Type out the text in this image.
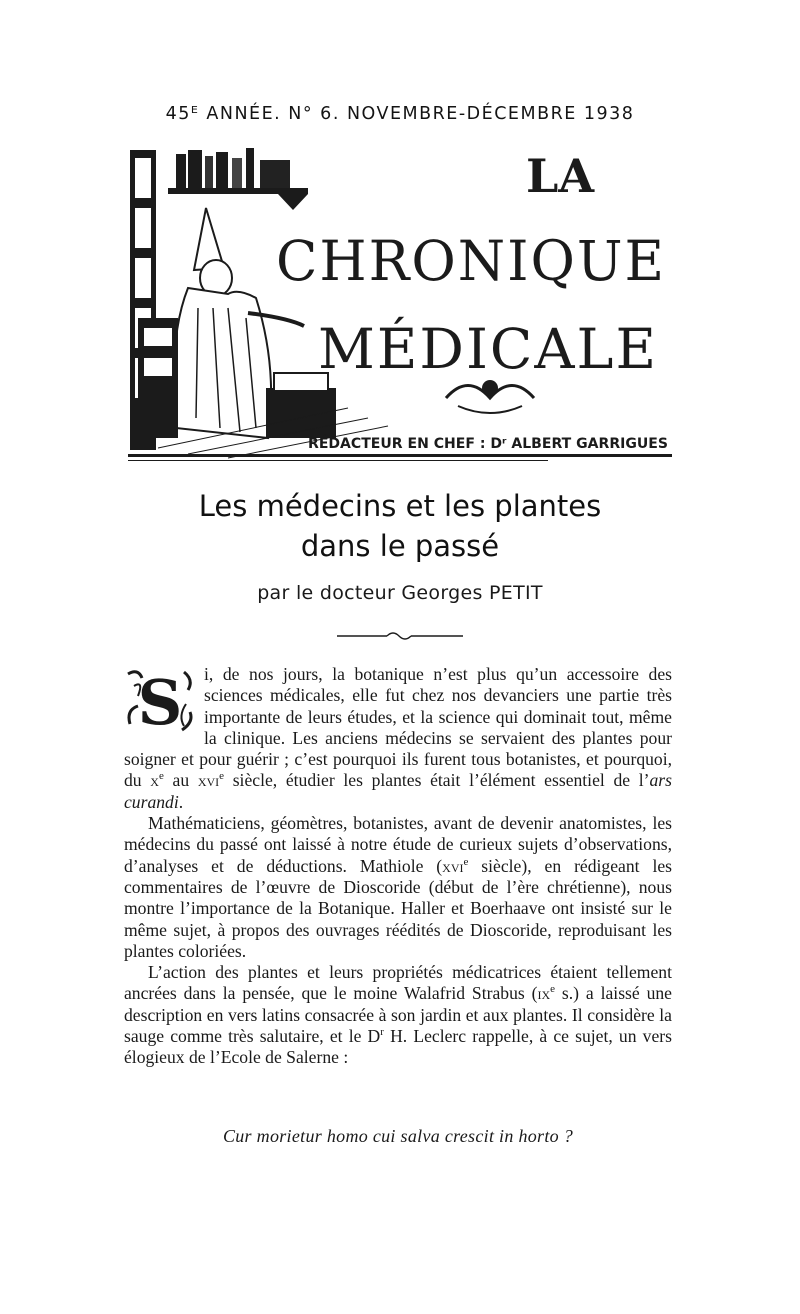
45ᴱ ANNÉE. N° 6. NOVEMBRE-DÉCEMBRE 1938
LA
CHRONIQUE
MÉDICALE
RÉDACTEUR EN CHEF : Dʳ ALBERT GARRIGUES
Les médecins et les plantes
dans le passé
par le docteur Georges PETIT

S i, de nos jours, la botanique n’est plus qu’un accessoire des sciences médicales, elle fut chez nos devanciers une partie très importante de leurs études, et la science qui dominait tout, même la clinique. Les anciens médecins se servaient des plantes pour soigner et pour guérir ; c’est pourquoi ils furent tous botanistes, et pourquoi, du $x^e$ au xvi$^e$ siècle, étudier les plantes était l’élément essentiel de l’ars curandi.

Mathématiciens, géomètres, botanistes, avant de devenir anatomistes, les médecins du passé ont laissé à notre étude de curieux sujets d’observations, d’analyses et de déductions. Mathiole (xvi$^e$ siècle), en rédigeant les commentaires de l’œuvre de Dioscoride (début de l’ère chrétienne), nous montre l’importance de la Botanique. Haller et Boerhaave ont insisté sur le même sujet, à propos des ouvrages réédités de Dioscoride, reproduisant les plantes coloriées.

L’action des plantes et leurs propriétés médicatrices étaient tellement ancrées dans la pensée, que le moine Walafrid Strabus ($ix^e$ s.) a laissé une description en vers latins consacrée à son jardin et aux plantes. Il considère la sauge comme très salutaire, et le $D^r$ H. Leclerc rappelle, à ce sujet, un vers élogieux de l’Ecole de Salerne :

Cur morietur homo cui salva crescit in horto ?
